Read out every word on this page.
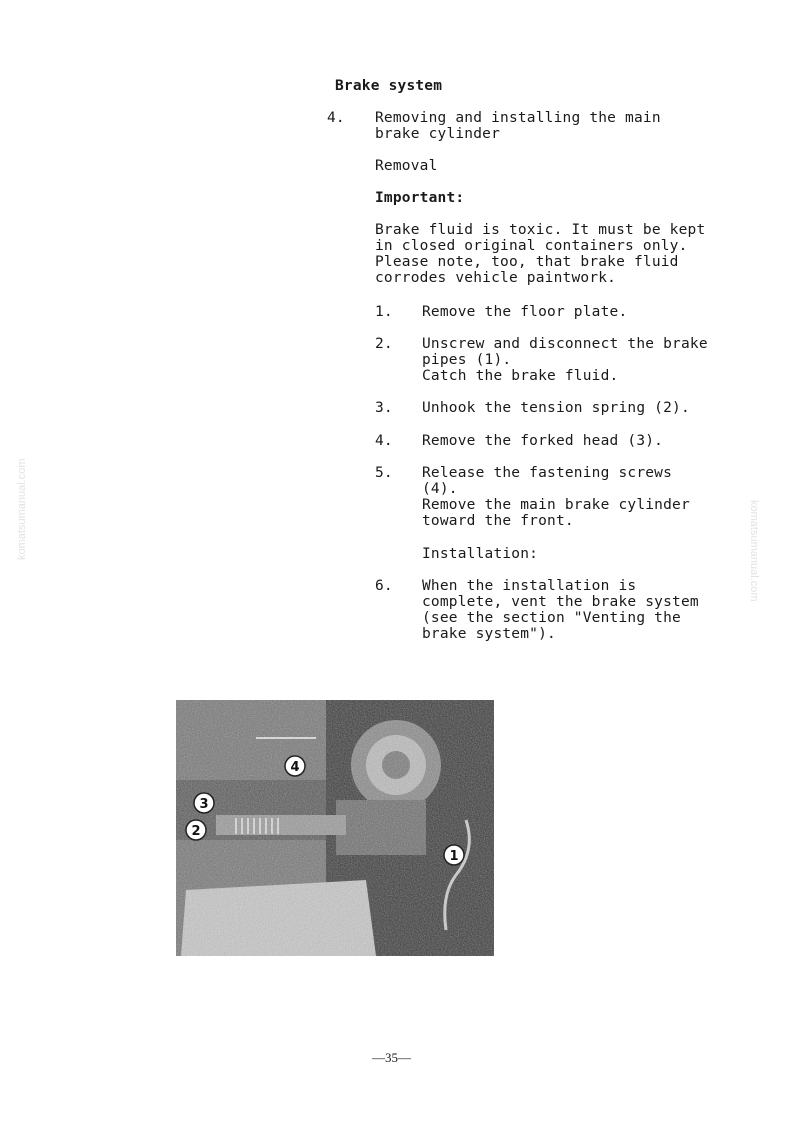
komatsumanual.com	komatsumanual.com
Brake system
4. Removing and installing the main
brake cylinder
Removal
Important:
Brake fluid is toxic. It must be kept
in closed original containers only.
Please note, too, that brake fluid
corrodes vehicle paintwork.
1. Remove the floor plate.
2. Unscrew and disconnect the brake
pipes (1).
Catch the brake fluid.
3. Unhook the tension spring (2).
4. Remove the forked head (3).
5. Release the fastening screws
(4).
Remove the main brake cylinder
toward the front.
Installation:
6. When the installation is
complete, vent the brake system
(see the section "Venting the
brake system").
4
3
2
1
—35—
